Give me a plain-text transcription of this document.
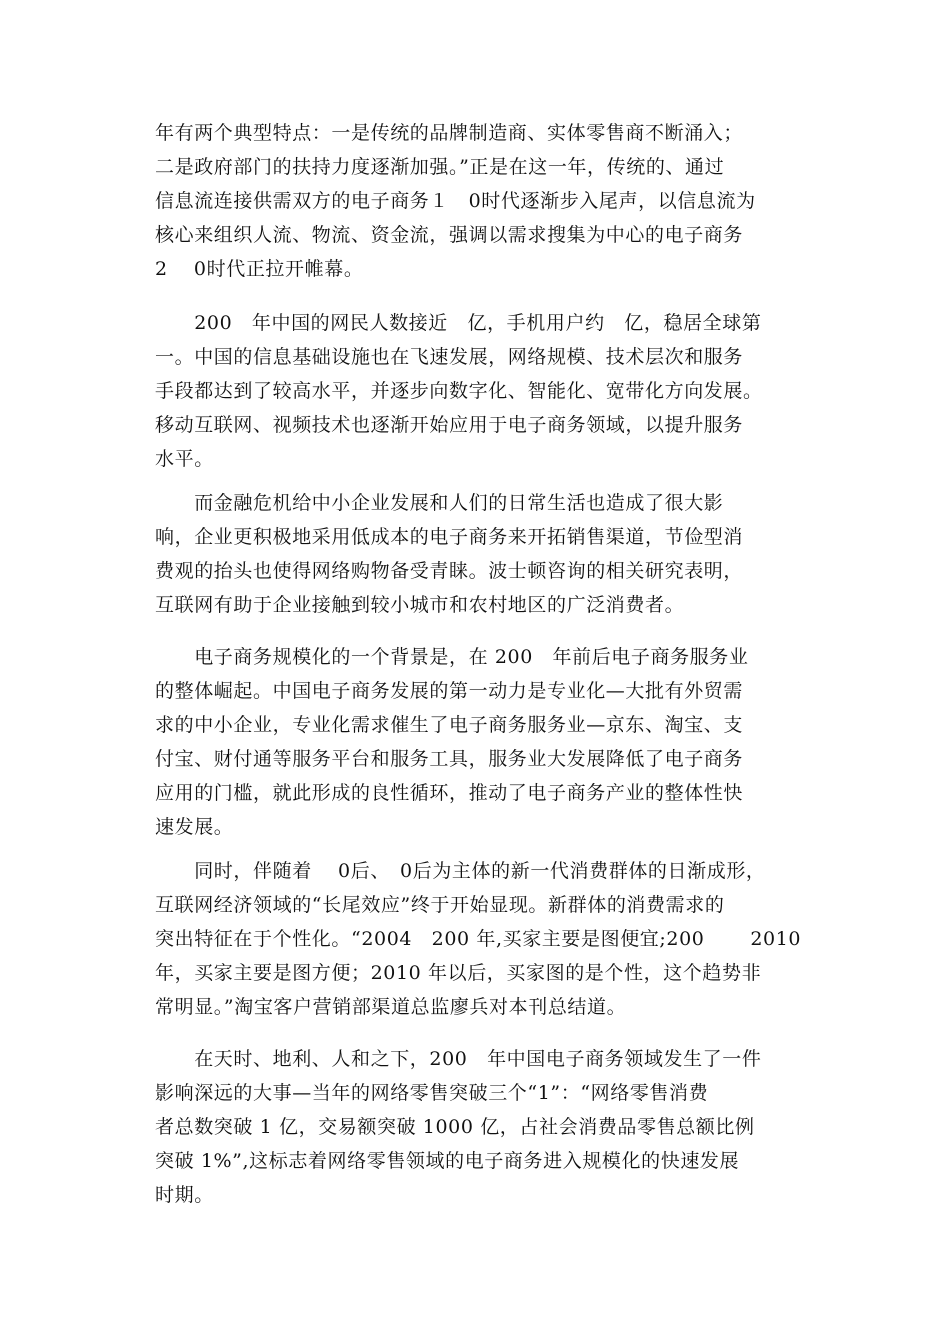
年有两个典型特点：一是传统的品牌制造商、实体零售商不断涌入；
二是政府部门的扶持力度逐渐加强。”正是在这一年，传统的、通过
信息流连接供需双方的电子商务１　0时代逐渐步入尾声，以信息流为
核心来组织人流、物流、资金流，强调以需求搜集为中心的电子商务
2　 0时代正拉开帷幕。
　　200　年中国的网民人数接近　亿，手机用户约　亿，稳居全球第
一。中国的信息基础设施也在飞速发展，网络规模、技术层次和服务
手段都达到了较高水平，并逐步向数字化、智能化、宽带化方向发展。
移动互联网、视频技术也逐渐开始应用于电子商务领域，以提升服务
水平。
　　而金融危机给中小企业发展和人们的日常生活也造成了很大影
响，企业更积极地采用低成本的电子商务来开拓销售渠道，节俭型消
费观的抬头也使得网络购物备受青睐。波士顿咨询的相关研究表明，
互联网有助于企业接触到较小城市和农村地区的广泛消费者。
　　电子商务规模化的一个背景是，在 200　年前后电子商务服务业
的整体崛起。中国电子商务发展的第一动力是专业化—大批有外贸需
求的中小企业，专业化需求催生了电子商务服务业—京东、淘宝、支
付宝、财付通等服务平台和服务工具，服务业大发展降低了电子商务
应用的门槛，就此形成的良性循环，推动了电子商务产业的整体性快
速发展。
　　同时，伴随着　 0后、　0后为主体的新一代消费群体的日渐成形，
互联网经济领域的“长尾效应”终于开始显现。新群体的消费需求的
突出特征在于个性化。“2004　200 年,买家主要是图便宜;200　　 2010
年，买家主要是图方便；2010 年以后，买家图的是个性，这个趋势非
常明显。”淘宝客户营销部渠道总监廖兵对本刊总结道。
　　在天时、地利、人和之下，200　年中国电子商务领域发生了一件
影响深远的大事—当年的网络零售突破三个“1”：“网络零售消费
者总数突破 1 亿，交易额突破 1000 亿，占社会消费品零售总额比例
突破 1%”,这标志着网络零售领域的电子商务进入规模化的快速发展
时期。
